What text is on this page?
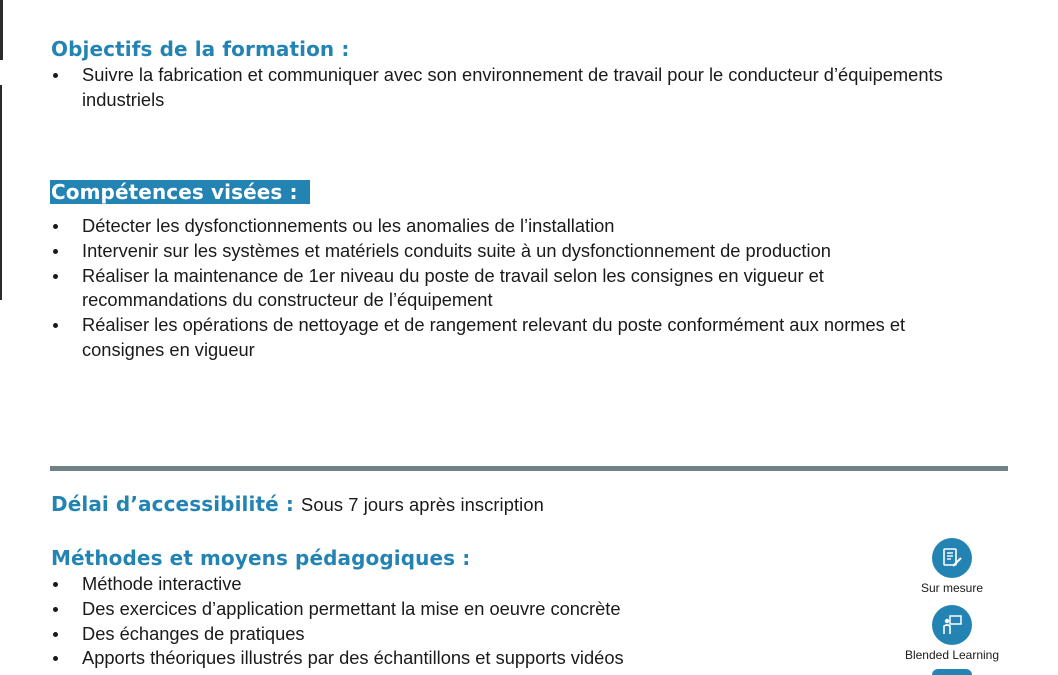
Objectifs de la formation :
Suivre la fabrication et communiquer avec son environnement de travail pour le conducteur d’équipements industriels
Compétences visées :
Détecter les dysfonctionnements ou les anomalies de l’installation
Intervenir sur les systèmes et matériels conduits suite à un dysfonctionnement de production
Réaliser la maintenance de 1er niveau du poste de travail selon les consignes en vigueur et recommandations du constructeur de l’équipement
Réaliser les opérations de nettoyage et de rangement relevant du poste conformément aux normes et consignes en vigueur
Délai d’accessibilité : Sous 7 jours après inscription
Méthodes et moyens pédagogiques :
Méthode interactive
Des exercices d’application permettant la mise en oeuvre concrète
Des échanges de pratiques
Apports théoriques illustrés par des échantillons et supports vidéos
Sur mesure
Blended Learning
